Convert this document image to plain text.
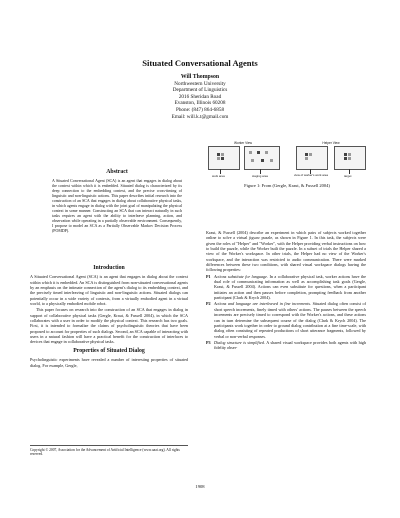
Situated Conversational Agents
Will Thompson
Northwestern University
Department of Linguistics
2016 Sheridan Road
Evanston, Illinois 60208
Phone: (847) 864-6858
Email: will.k.t@gmail.com
Abstract
A Situated Conversational Agent (SCA) is an agent that engages in dialog about the context within which it is embedded. Situated dialog is characterized by its deep connection to the embedding context, and the precise cross-timing of linguistic and non-linguistic actions. This paper describes initial research into the construction of an SCA that engages in dialog about collaborative physical tasks, in which agents engage in dialog with the joint goal of manipulating the physical context in some manner. Constructing an SCA that can interact naturally in such tasks requires an agent with the ability to interleave planning, action, and observation while operating in a partially observable environment. Consequently, I propose to model an SCA as a Partially Observable Markov Decision Process (POMDP).
Introduction

A Situated Conversational Agent (SCA) is an agent that engages in dialog about the context within which it is embedded. An SCA is distinguished from non-situated conversational agents by an emphasis on the intimate connection of the agent's dialog to its embedding context, and the precisely timed interleaving of linguistic and non-linguistic actions. Situated dialogs can potentially occur in a wide variety of contexts, from a virtually embodied agent in a virtual world, to a physically embodied mobile robot.

This paper focuses on research into the construction of an SCA that engages in dialog in support of collaborative physical tasks (Gergle, Kraut, & Fussell 2004), in which the SCA collaborates with a user in order to modify the physical context. This research has two goals. First, it is intended to formalize the claims of psycholinguistic theories that have been proposed to account for properties of such dialogs. Second, an SCA capable of interacting with users in a natural fashion will have a practical benefit for the construction of interfaces to devices that engage in collaborative physical tasks.

Properties of Situated Dialog

Psycholinguistic experiments have revealed a number of interesting properties of situated dialog. For example, Gergle,

Copyright © 2007, Association for the Advancement of Artificial Intelligence (www.aaai.org). All rights reserved.
Worker View
work area	staging area
Helper View
view of worker's work area	target
Figure 1: From (Gergle, Kraut, & Fussell 2004)

Kraut, & Fussell (2004) describe an experiment in which pairs of subjects worked together online to solve a virtual jigsaw puzzle, as shown in Figure 1. In this task, the subjects were given the roles of "Helper" and "Worker", with the Helper providing verbal instructions on how to build the puzzle, while the Worker built the puzzle. In a subset of trials the Helper shared a view of the Worker's workspace. In other trials, the Helper had no view of the Worker's workspace, and the interaction was restricted to audio communication. There were marked differences between these two conditions, with shared visual workspace dialogs having the following properties:

P1 Actions substitute for language. In a collaborative physical task, worker actions have the dual role of communicating information as well as accomplishing task goals (Gergle, Kraut, & Fussell 2004). Actions can even substitute for questions, when a participant initiates an action and then pauses before completion, prompting feedback from another participant (Clark & Krych 2004).

P2 Actions and language are interleaved in fine increments. Situated dialog often consist of short speech increments, finely timed with others' actions. The pauses between the speech increments are precisely timed to correspond with the Worker's actions, and these actions can in turn determine the subsequent course of the dialog (Clark & Krych 2004). The participants work together in order to ground dialog contribution at a fine time-scale, with dialog often consisting of repeated productions of short utterance fragments, followed by verbal or non-verbal responses.

P3 Dialog structure is simplified. A shared visual workspace provides both agents with high fidelity obser-

1908
